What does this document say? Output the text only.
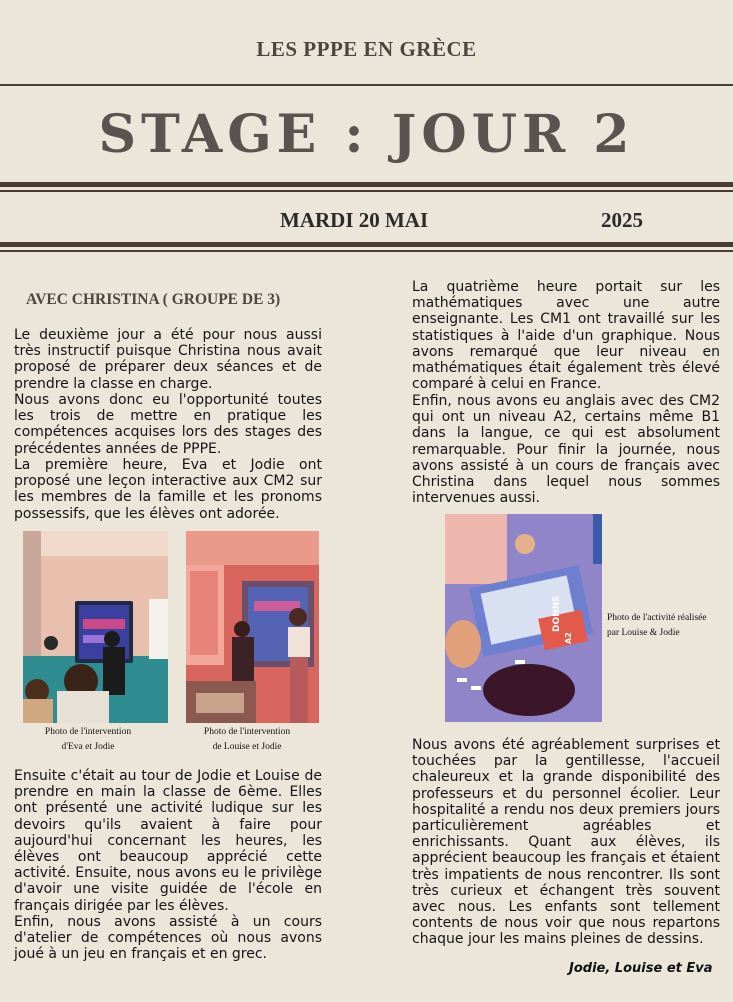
LES PPPE EN GRÈCE
STAGE : JOUR 2
MARDI 20 MAI	2025
AVEC CHRISTINA ( GROUPE DE 3)

Le deuxième jour a été pour nous aussi très instructif puisque Christina nous avait proposé de préparer deux séances et de prendre la classe en charge.

Nous avons donc eu l'opportunité toutes les trois de mettre en pratique les compétences acquises lors des stages des précédentes années de PPPE.

La première heure, Eva et Jodie ont proposé une leçon interactive aux CM2 sur les membres de la famille et les pronoms possessifs, que les élèves ont adorée.

Photo de l'intervention
d'Eva et Jodie
Photo de l'intervention
de Louise et Jodie

Ensuite c'était au tour de Jodie et Louise de prendre en main la classe de 6ème. Elles ont présenté une activité ludique sur les devoirs qu'ils avaient à faire pour aujourd'hui concernant les heures, les élèves ont beaucoup apprécié cette activité. Ensuite, nous avons eu le privilège d'avoir une visite guidée de l'école en français dirigée par les élèves.

Enfin, nous avons assisté à un cours d'atelier de compétences où nous avons joué à un jeu en français et en grec.

La quatrième heure portait sur les mathématiques avec une autre enseignante. Les CM1 ont travaillé sur les statistiques à l'aide d'un graphique. Nous avons remarqué que leur niveau en mathématiques était également très élevé comparé à celui en France.

Enfin, nous avons eu anglais avec des CM2 qui ont un niveau A2, certains même B1 dans la langue, ce qui est absolument remarquable. Pour finir la journée, nous avons assisté à un cours de français avec Christina dans lequel nous sommes intervenues aussi.

DONNE
A2
Photo de l'activité réalisée
par Louise & Jodie

Nous avons été agréablement surprises et touchées par la gentillesse, l'accueil chaleureux et la grande disponibilité des professeurs et du personnel écolier. Leur hospitalité a rendu nos deux premiers jours particulièrement agréables et enrichissants. Quant aux élèves, ils apprécient beaucoup les français et étaient très impatients de nous rencontrer. Ils sont très curieux et échangent très souvent avec nous. Les enfants sont tellement contents de nous voir que nous repartons chaque jour les mains pleines de dessins.

Jodie, Louise et Eva
